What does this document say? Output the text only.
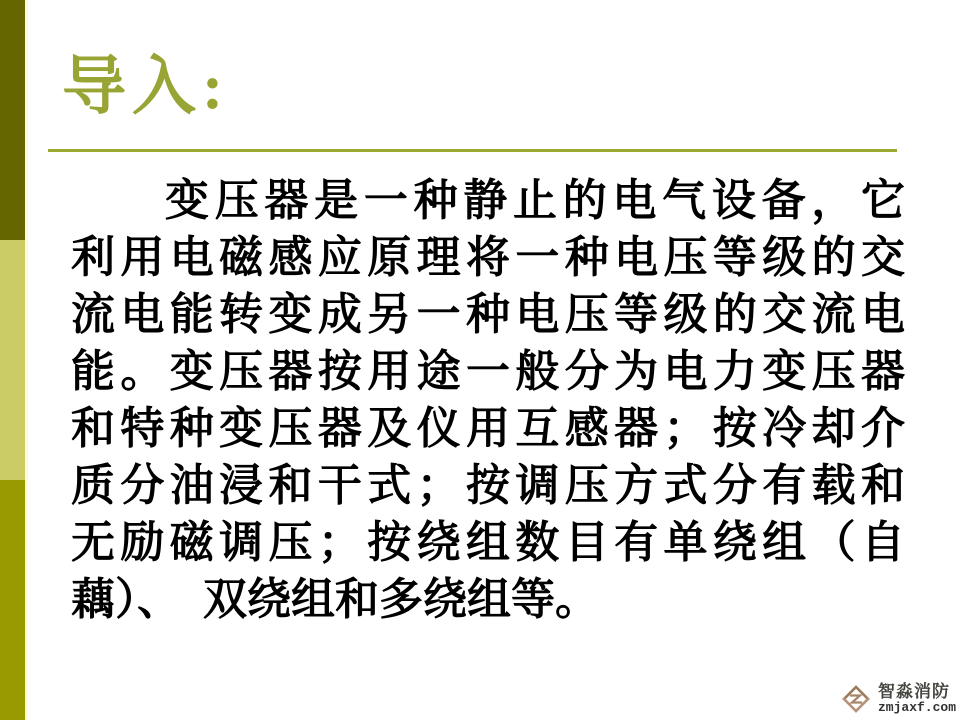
导入:
变压器是一种静止的电气设备，它
利用电磁感应原理将一种电压等级的交
流电能转变成另一种电压等级的交流电
能。变压器按用途一般分为电力变压器
和特种变压器及仪用互感器；按冷却介
质分油浸和干式；按调压方式分有载和
无励磁调压；按绕组数目有单绕组（自
藕）、　双绕组和多绕组等。
智淼消防
zmjaxf.com
